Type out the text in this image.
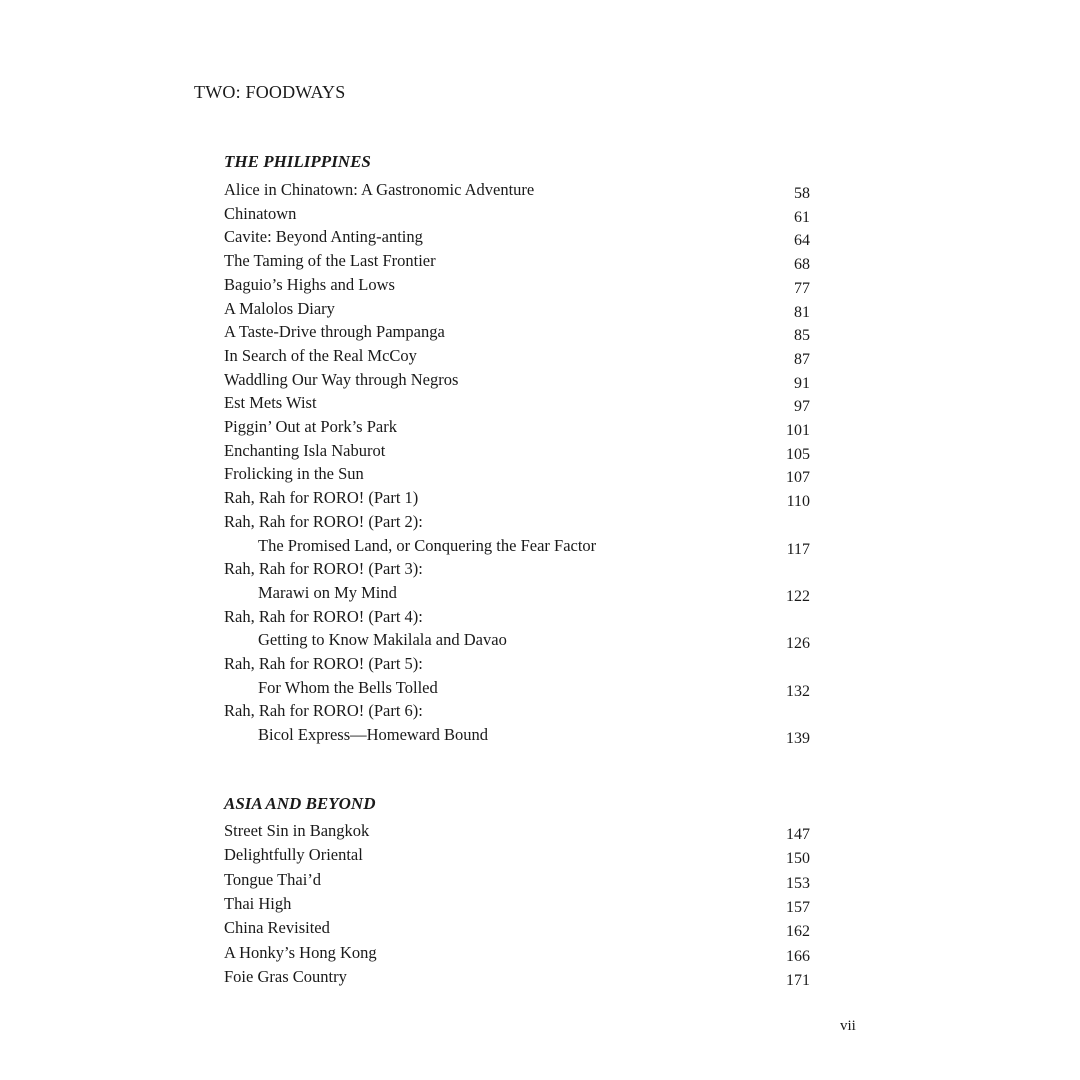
TWO: FOODWAYS
THE PHILIPPINES
Alice in Chinatown: A Gastronomic Adventure	58
Chinatown	61
Cavite: Beyond Anting-anting	64
The Taming of the Last Frontier	68
Baguio’s Highs and Lows	77
A Malolos Diary	81
A Taste-Drive through Pampanga	85
In Search of the Real McCoy	87
Waddling Our Way through Negros	91
Est Mets Wist	97
Piggin’ Out at Pork’s Park	101
Enchanting Isla Naburot	105
Frolicking in the Sun	107
Rah, Rah for RORO! (Part 1)	110
Rah, Rah for RORO! (Part 2):
The Promised Land, or Conquering the Fear Factor	117
Rah, Rah for RORO! (Part 3):
Marawi on My Mind	122
Rah, Rah for RORO! (Part 4):
Getting to Know Makilala and Davao	126
Rah, Rah for RORO! (Part 5):
For Whom the Bells Tolled	132
Rah, Rah for RORO! (Part 6):
Bicol Express—Homeward Bound	139
ASIA AND BEYOND
Street Sin in Bangkok	147
Delightfully Oriental	150
Tongue Thai’d	153
Thai High	157
China Revisited	162
A Honky’s Hong Kong	166
Foie Gras Country	171
vii
